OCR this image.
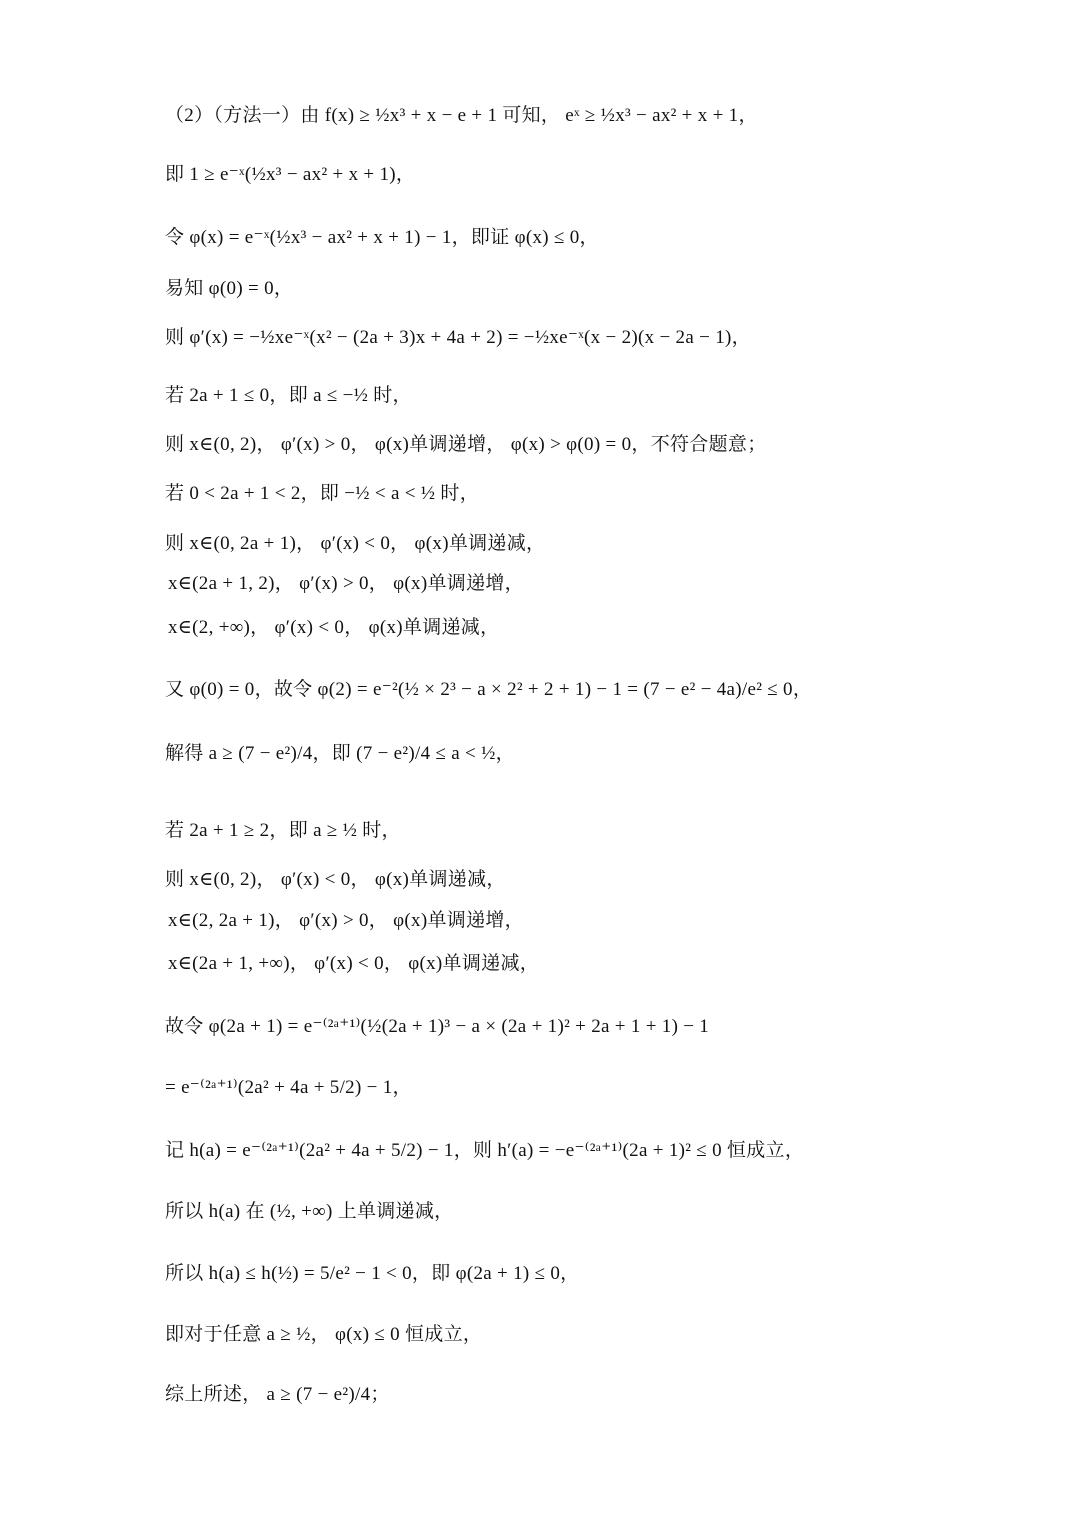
（2）（方法一）由 f(x) ≥ ½x³ + x − e + 1 可知， eˣ ≥ ½x³ − ax² + x + 1，
即 1 ≥ e⁻ˣ(½x³ − ax² + x + 1)，
令 φ(x) = e⁻ˣ(½x³ − ax² + x + 1) − 1，即证 φ(x) ≤ 0，
易知 φ(0) = 0，
则 φ′(x) = −½xe⁻ˣ(x² − (2a + 3)x + 4a + 2) = −½xe⁻ˣ(x − 2)(x − 2a − 1)，
若 2a + 1 ≤ 0，即 a ≤ −½ 时，
则 x∈(0, 2)， φ′(x) > 0， φ(x)单调递增， φ(x) > φ(0) = 0，不符合题意；
若 0 < 2a + 1 < 2，即 −½ < a < ½ 时，
则 x∈(0, 2a + 1)， φ′(x) < 0， φ(x)单调递减，
x∈(2a + 1, 2)， φ′(x) > 0， φ(x)单调递增，
x∈(2, +∞)， φ′(x) < 0， φ(x)单调递减，
又 φ(0) = 0，故令 φ(2) = e⁻²(½ × 2³ − a × 2² + 2 + 1) − 1 = (7 − e² − 4a)/e² ≤ 0，
解得 a ≥ (7 − e²)/4，即 (7 − e²)/4 ≤ a < ½，
若 2a + 1 ≥ 2，即 a ≥ ½ 时，
则 x∈(0, 2)， φ′(x) < 0， φ(x)单调递减，
x∈(2, 2a + 1)， φ′(x) > 0， φ(x)单调递增，
x∈(2a + 1, +∞)， φ′(x) < 0， φ(x)单调递减，
故令 φ(2a + 1) = e⁻⁽²ᵃ⁺¹⁾(½(2a + 1)³ − a × (2a + 1)² + 2a + 1 + 1) − 1
= e⁻⁽²ᵃ⁺¹⁾(2a² + 4a + 5/2) − 1，
记 h(a) = e⁻⁽²ᵃ⁺¹⁾(2a² + 4a + 5/2) − 1，则 h′(a) = −e⁻⁽²ᵃ⁺¹⁾(2a + 1)² ≤ 0 恒成立，
所以 h(a) 在 (½, +∞) 上单调递减，
所以 h(a) ≤ h(½) = 5/e² − 1 < 0，即 φ(2a + 1) ≤ 0，
即对于任意 a ≥ ½， φ(x) ≤ 0 恒成立，
综上所述， a ≥ (7 − e²)/4；
